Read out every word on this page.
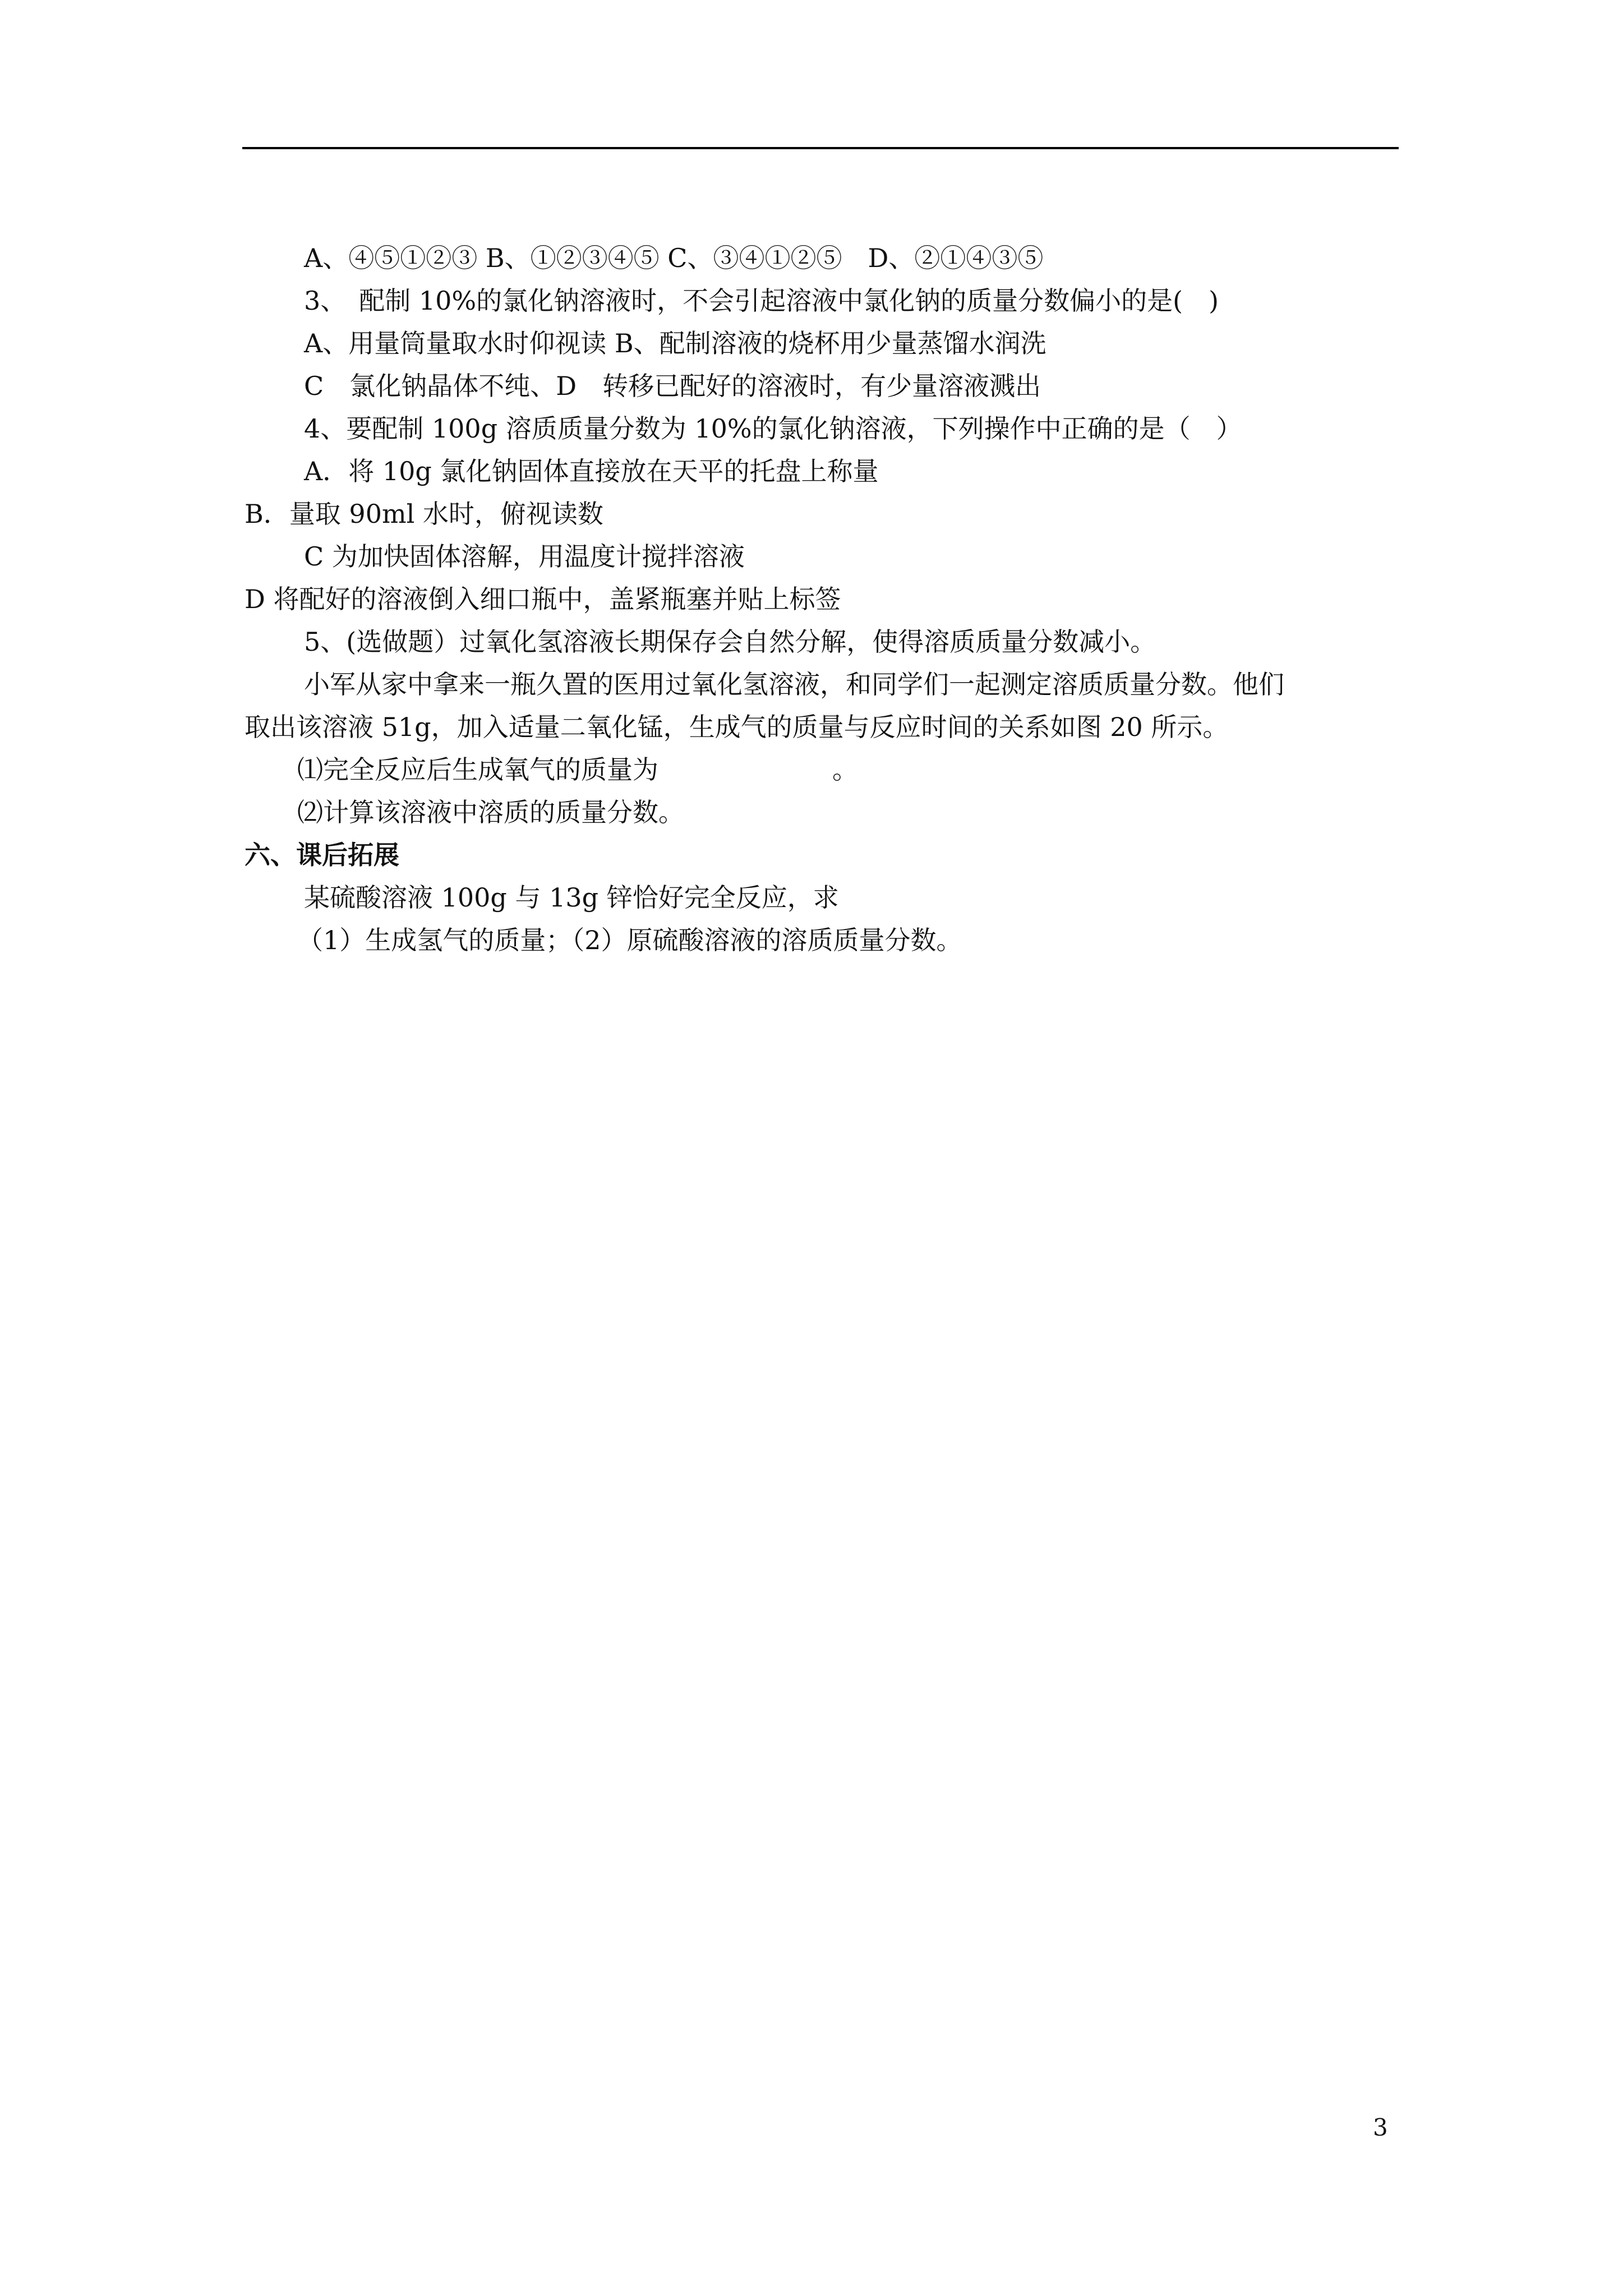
A、④⑤①②③ B、①②③④⑤ C、③④①②⑤　D、②①④③⑤
3、　配制 10%的氯化钠溶液时，不会引起溶液中氯化钠的质量分数偏小的是(　)
A、用量筒量取水时仰视读 B、配制溶液的烧杯用少量蒸馏水润洗
C　氯化钠晶体不纯、D　转移已配好的溶液时，有少量溶液溅出
4、要配制 100g 溶质质量分数为 10%的氯化钠溶液，下列操作中正确的是（　）
A．将 10g 氯化钠固体直接放在天平的托盘上称量
B．量取 90ml 水时，俯视读数
C 为加快固体溶解，用温度计搅拌溶液
D 将配好的溶液倒入细口瓶中，盖紧瓶塞并贴上标签
5、(选做题）过氧化氢溶液长期保存会自然分解，使得溶质质量分数减小。
小军从家中拿来一瓶久置的医用过氧化氢溶液，和同学们一起测定溶质质量分数。他们
取出该溶液 51g，加入适量二氧化锰，生成气的质量与反应时间的关系如图 20 所示。
⑴完全反应后生成氧气的质量为	。
⑵计算该溶液中溶质的质量分数。
六、课后拓展
某硫酸溶液 100g 与 13g 锌恰好完全反应，求
（1）生成氢气的质量；（2）原硫酸溶液的溶质质量分数。
3
